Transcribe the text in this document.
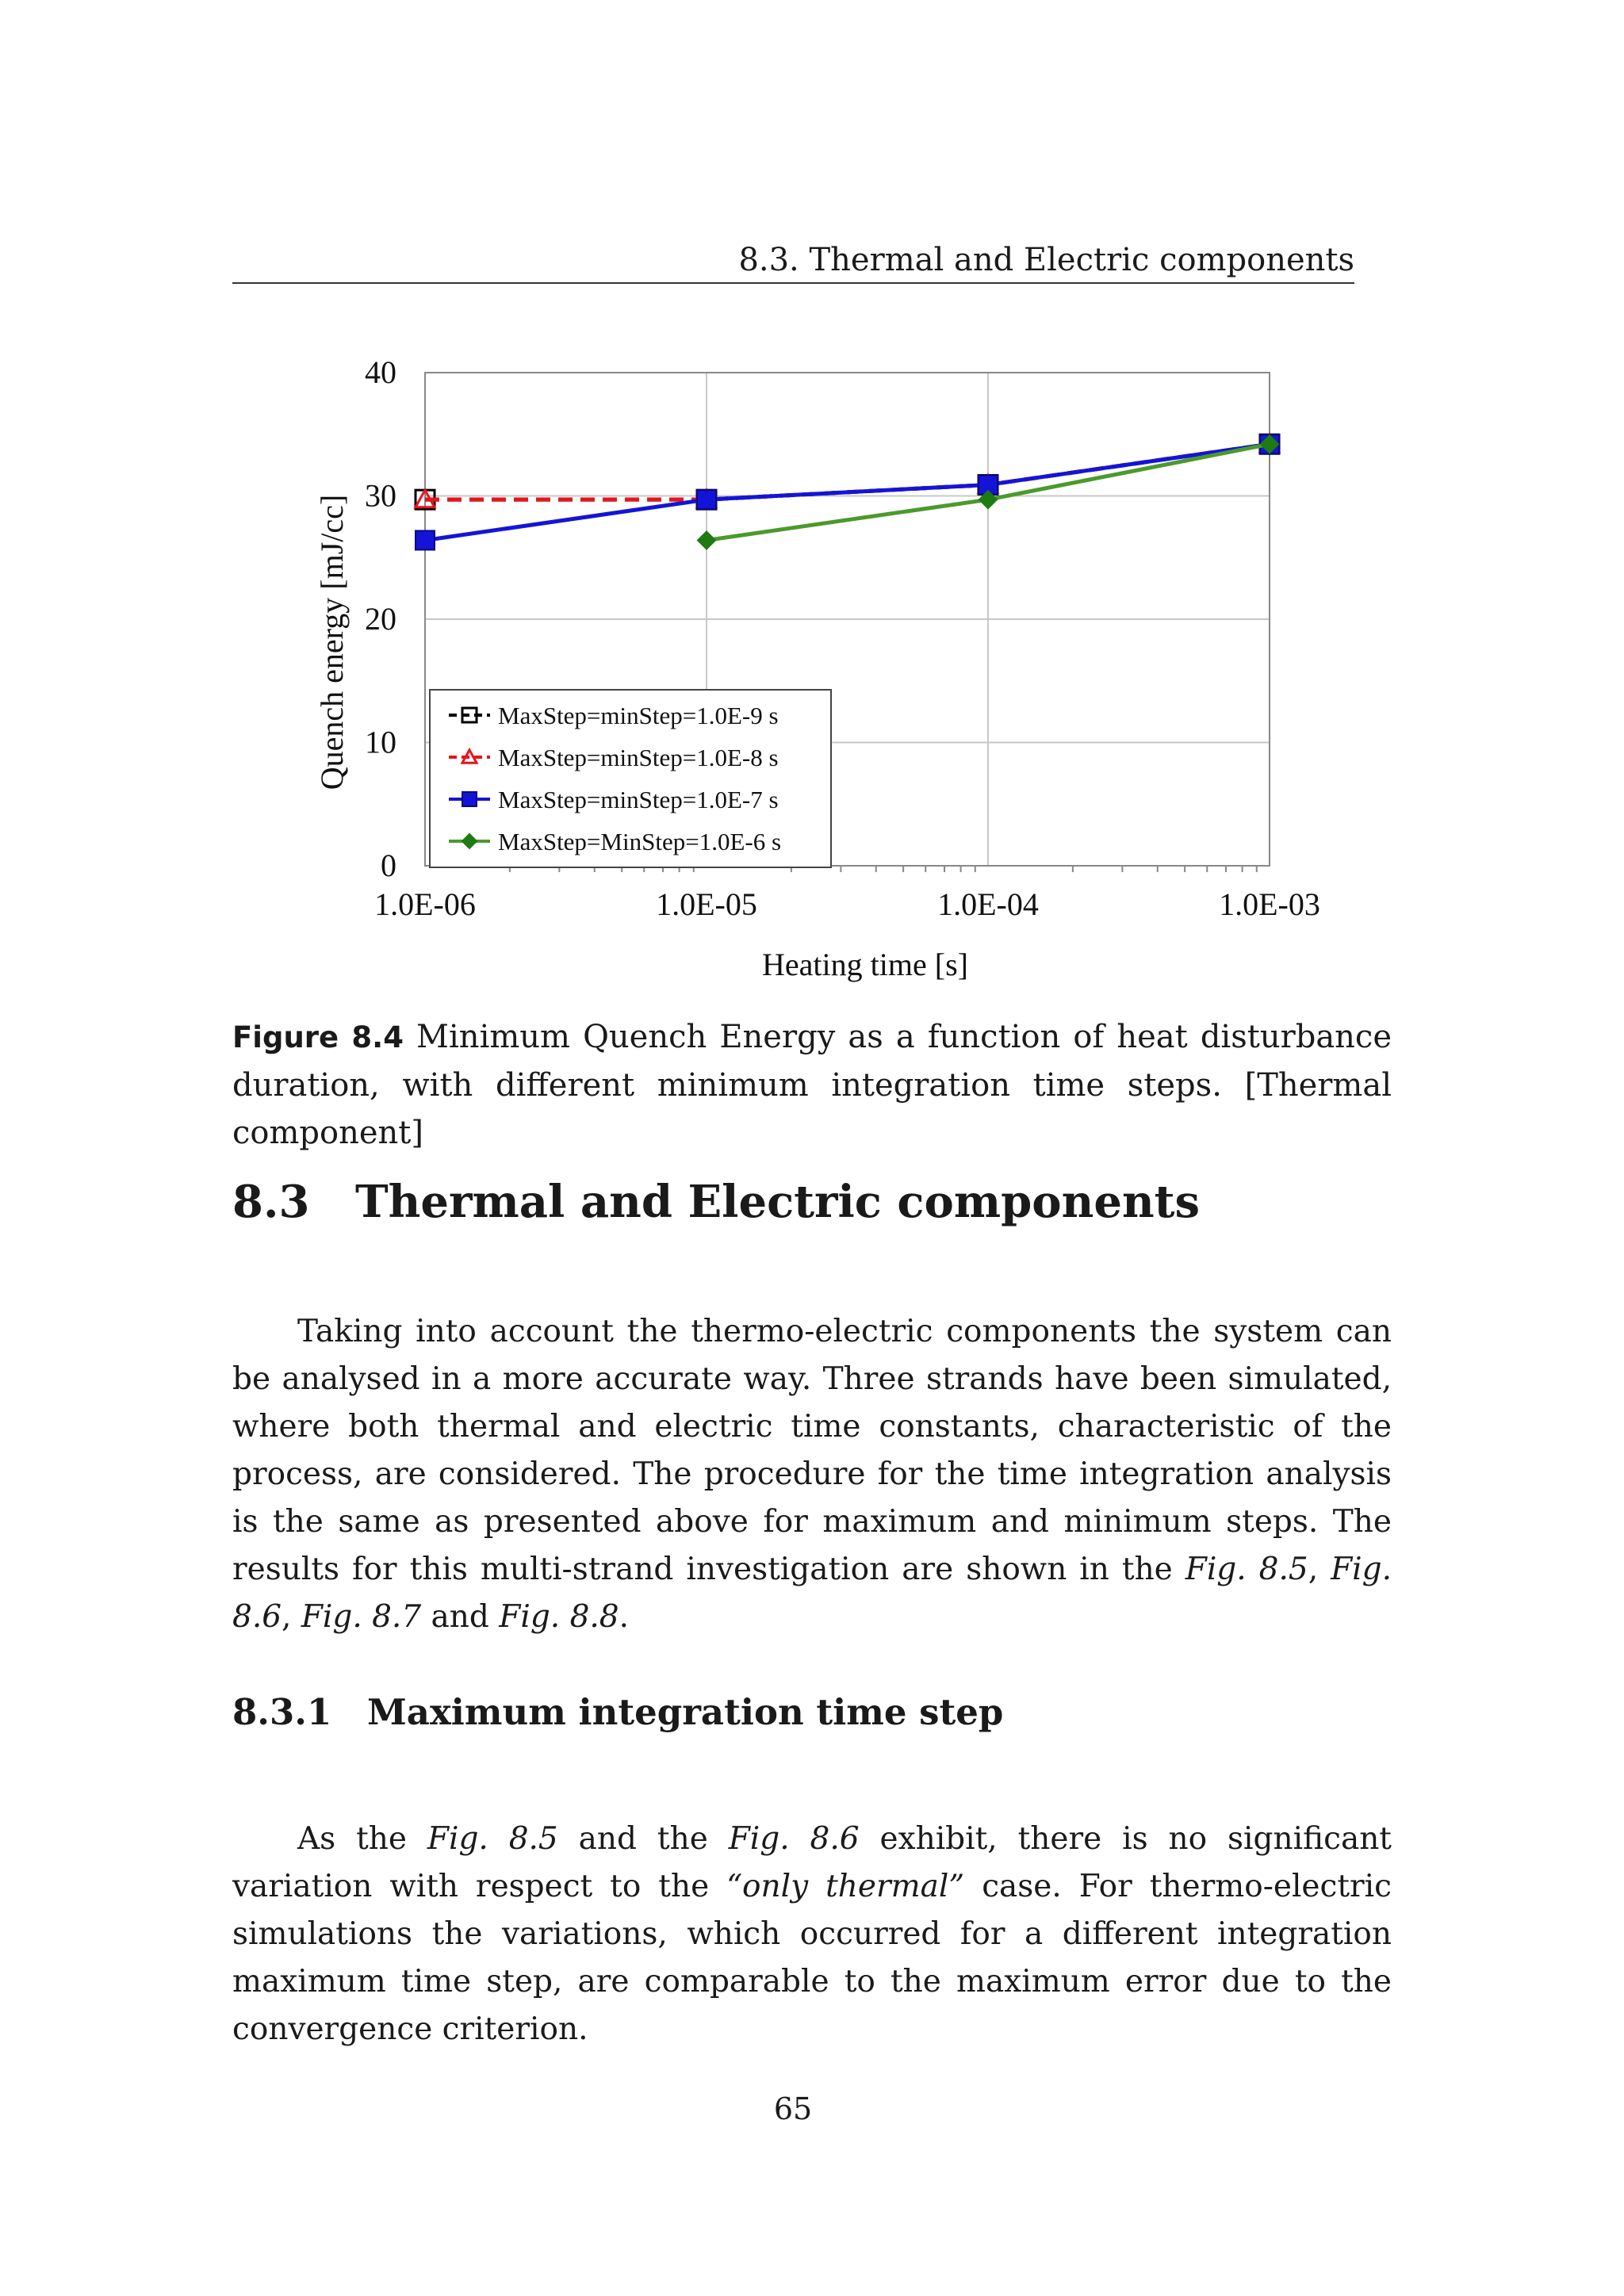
8.3. Thermal and Electric components
0
10
20
30
40
1.0E-06	1.0E-05	1.0E-04	1.0E-03
MaxStep=minStep=1.0E-9 s
MaxStep=minStep=1.0E-8 s
MaxStep=minStep=1.0E-7 s
MaxStep=MinStep=1.0E-6 s
Heating time [s]
Quench energy [mJ/cc]
Figure 8.4 Minimum Quench Energy as a function of heat disturbance duration, with different minimum integration time steps. [Thermal component]
8.3 Thermal and Electric components

Taking into account the thermo-electric components the system can be analysed in a more accurate way. Three strands have been simulated, where both thermal and electric time constants, characteristic of the process, are considered. The procedure for the time integration analysis is the same as presented above for maximum and minimum steps. The results for this multi-strand investigation are shown in the Fig. 8.5, Fig. 8.6, Fig. 8.7 and Fig. 8.8.

8.3.1 Maximum integration time step

As the Fig. 8.5 and the Fig. 8.6 exhibit, there is no significant variation with respect to the “only thermal” case. For thermo-electric simulations the variations, which occurred for a different integration maximum time step, are comparable to the maximum error due to the convergence criterion.

65
